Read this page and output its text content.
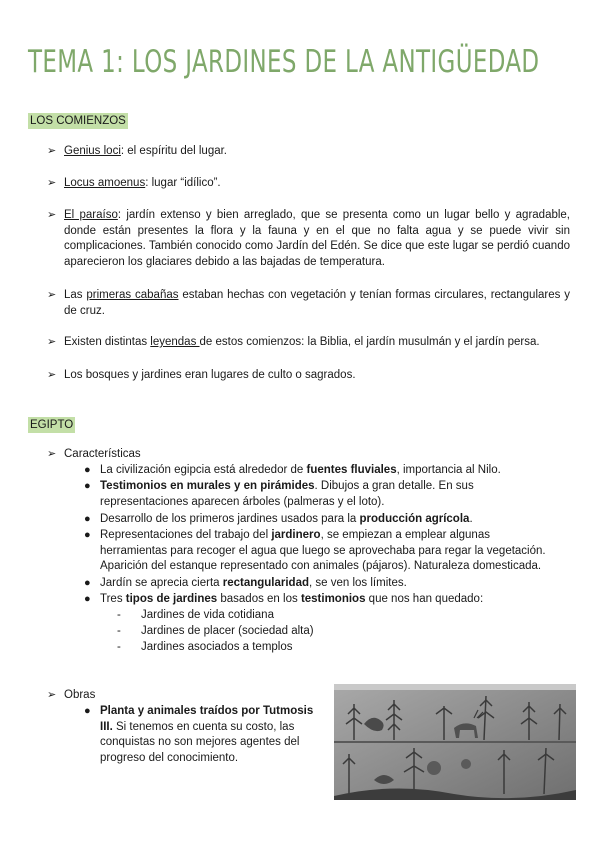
TEMA 1: LOS JARDINES DE LA ANTIGÜEDAD
LOS COMIENZOS
➢ Genius loci: el espíritu del lugar.
➢ Locus amoenus: lugar “idílico”.
➢ El paraíso: jardín extenso y bien arreglado, que se presenta como un lugar bello y agradable, donde están presentes la flora y la fauna y en el que no falta agua y se puede vivir sin complicaciones. También conocido como Jardín del Edén. Se dice que este lugar se perdió cuando aparecieron los glaciares debido a las bajadas de temperatura.
➢ Las primeras cabañas estaban hechas con vegetación y tenían formas circulares, rectangulares y de cruz.
➢ Existen distintas leyendas de estos comienzos: la Biblia, el jardín musulmán y el jardín persa.
➢ Los bosques y jardines eran lugares de culto o sagrados.
EGIPTO
➢ Características
● La civilización egipcia está alrededor de fuentes fluviales, importancia al Nilo.
● Testimonios en murales y en pirámides. Dibujos a gran detalle. En sus
representaciones aparecen árboles (palmeras y el loto).
● Desarrollo de los primeros jardines usados para la producción agrícola.
● Representaciones del trabajo del jardinero, se empiezan a emplear algunas
herramientas para recoger el agua que luego se aprovechaba para regar la vegetación.
Aparición del estanque representado con animales (pájaros). Naturaleza domesticada.
● Jardín se aprecia cierta rectangularidad, se ven los límites.
● Tres tipos de jardines basados en los testimonios que nos han quedado:
- Jardines de vida cotidiana
- Jardines de placer (sociedad alta)
- Jardines asociados a templos
➢ Obras
● Planta y animales traídos por Tutmosis
III. Si tenemos en cuenta su costo, las
conquistas no son mejores agentes del
progreso del conocimiento.
